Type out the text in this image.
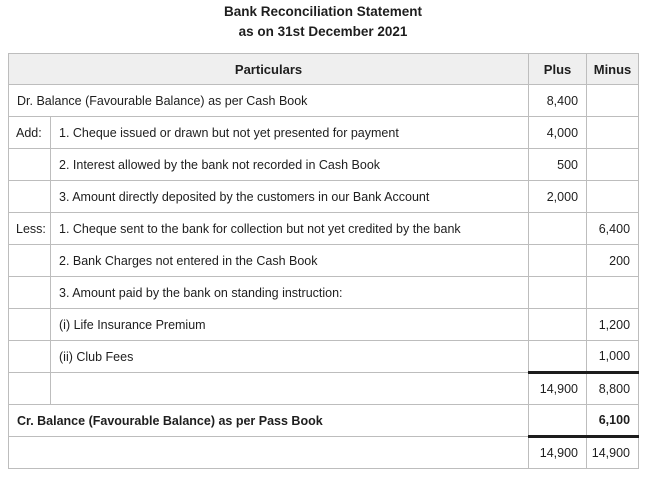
Bank Reconciliation Statement
as on 31st December 2021
Particulars		Plus	Minus
Dr. Balance (Favourable Balance) as per Cash Book		8,400	
Add:	1. Cheque issued or drawn but not yet presented for payment	4,000	
	2. Interest allowed by the bank not recorded in Cash Book	500	
	3. Amount directly deposited by the customers in our Bank Account	2,000	
Less:	1. Cheque sent to the bank for collection but not yet credited by the bank		6,400
	2. Bank Charges not entered in the Cash Book		200
	3. Amount paid by the bank on standing instruction:		
	(i) Life Insurance Premium		1,200
	(ii) Club Fees		1,000
		14,900	8,800
Cr. Balance (Favourable Balance) as per Pass Book			6,100
		14,900	14,900
